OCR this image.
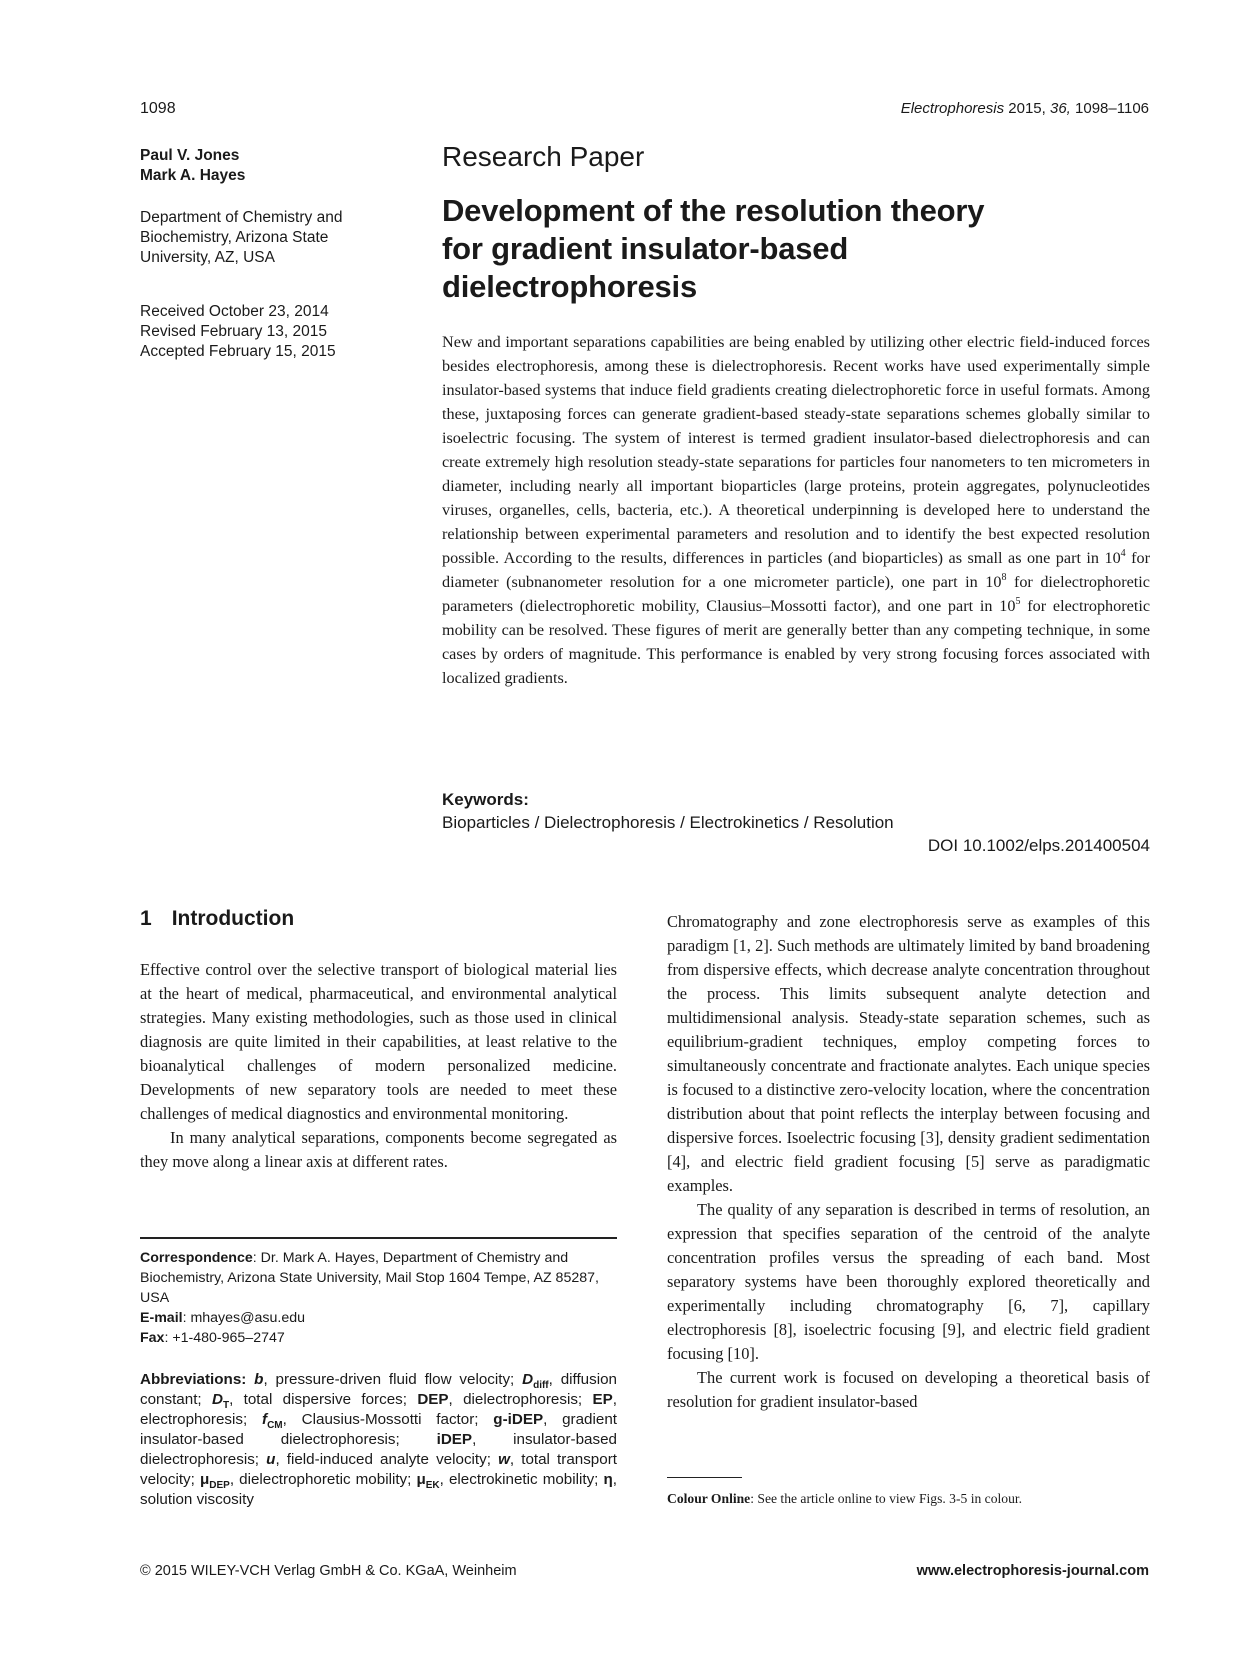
1098	Electrophoresis 2015, 36, 1098–1106
Paul V. Jones
Mark A. Hayes
Department of Chemistry and
Biochemistry, Arizona State
University, AZ, USA
Received October 23, 2014
Revised February 13, 2015
Accepted February 15, 2015
Research Paper
Development of the resolution theory
for gradient insulator-based
dielectrophoresis

New and important separations capabilities are being enabled by utilizing other electric field-induced forces besides electrophoresis, among these is dielectrophoresis. Recent works have used experimentally simple insulator-based systems that induce field gradients creating dielectrophoretic force in useful formats. Among these, juxtaposing forces can generate gradient-based steady-state separations schemes globally similar to isoelectric focusing. The system of interest is termed gradient insulator-based dielectrophoresis and can create extremely high resolution steady-state separations for particles four nanometers to ten micrometers in diameter, including nearly all important bioparticles (large proteins, protein aggregates, polynucleotides viruses, organelles, cells, bacteria, etc.). A theoretical underpinning is developed here to understand the relationship between experimental parameters and resolution and to identify the best expected resolution possible. According to the results, differences in particles (and bioparticles) as small as one part in $10^4$ for diameter (subnanometer resolution for a one micrometer particle), one part in $10^8$ for dielectrophoretic parameters (dielectrophoretic mobility, Clausius–Mossotti factor), and one part in $10^5$ for electrophoretic mobility can be resolved. These figures of merit are generally better than any competing technique, in some cases by orders of magnitude. This performance is enabled by very strong focusing forces associated with localized gradients.

Keywords:
Bioparticles / Dielectrophoresis / Electrokinetics / Resolution
DOI 10.1002/elps.201400504
1 Introduction

Effective control over the selective transport of biological material lies at the heart of medical, pharmaceutical, and environmental analytical strategies. Many existing methodologies, such as those used in clinical diagnosis are quite limited in their capabilities, at least relative to the bioanalytical challenges of modern personalized medicine. Developments of new separatory tools are needed to meet these challenges of medical diagnostics and environmental monitoring.

In many analytical separations, components become segregated as they move along a linear axis at different rates.

Correspondence: Dr. Mark A. Hayes, Department of Chemistry and Biochemistry, Arizona State University, Mail Stop 1604 Tempe, AZ 85287, USA
E-mail: mhayes@asu.edu
Fax: +1-480-965–2747
Abbreviations: b, pressure-driven fluid flow velocity; $D_{diff}$, diffusion constant; $D_T$, total dispersive forces; DEP, dielectrophoresis; EP, electrophoresis; $f_{CM}$, Clausius-Mossotti factor; g-iDEP, gradient insulator-based dielectrophoresis; iDEP, insulator-based dielectrophoresis; u, field-induced analyte velocity; w, total transport velocity; $\mu_{DEP}$, dielectrophoretic mobility; $\mu_{EK}$, electrokinetic mobility; η, solution viscosity

Chromatography and zone electrophoresis serve as examples of this paradigm [1, 2]. Such methods are ultimately limited by band broadening from dispersive effects, which decrease analyte concentration throughout the process. This limits subsequent analyte detection and multidimensional analysis. Steady-state separation schemes, such as equilibrium-gradient techniques, employ competing forces to simultaneously concentrate and fractionate analytes. Each unique species is focused to a distinctive zero-velocity location, where the concentration distribution about that point reflects the interplay between focusing and dispersive forces. Isoelectric focusing [3], density gradient sedimentation [4], and electric field gradient focusing [5] serve as paradigmatic examples.

The quality of any separation is described in terms of resolution, an expression that specifies separation of the centroid of the analyte concentration profiles versus the spreading of each band. Most separatory systems have been thoroughly explored theoretically and experimentally including chromatography [6, 7], capillary electrophoresis [8], isoelectric focusing [9], and electric field gradient focusing [10].

The current work is focused on developing a theoretical basis of resolution for gradient insulator-based

Colour Online: See the article online to view Figs. 3-5 in colour.
© 2015 WILEY-VCH Verlag GmbH & Co. KGaA, Weinheim	www.electrophoresis-journal.com
